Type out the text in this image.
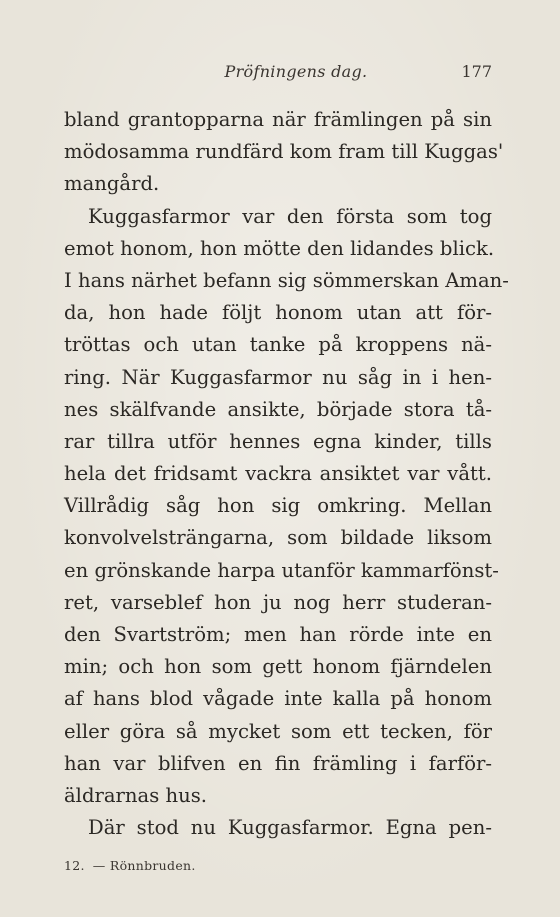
Pröfningens dag.	177
bland grantopparna när främlingen på sin
mödosamma rundfärd kom fram till Kuggas'
mangård.
Kuggasfarmor var den första som tog
emot honom, hon mötte den lidandes blick.
I hans närhet befann sig sömmerskan Aman-
da, hon hade följt honom utan att för-
tröttas och utan tanke på kroppens nä-
ring. När Kuggasfarmor nu såg in i hen-
nes skälfvande ansikte, började stora tå-
rar tillra utför hennes egna kinder, tills
hela det fridsamt vackra ansiktet var vått.
Villrådig såg hon sig omkring. Mellan
konvolvelsträngarna, som bildade liksom
en grönskande harpa utanför kammarfönst-
ret, varseblef hon ju nog herr studeran-
den Svartström; men han rörde inte en
min; och hon som gett honom fjärndelen
af hans blod vågade inte kalla på honom
eller göra så mycket som ett tecken, för
han var blifven en fin främling i farför-
äldrarnas hus.
Där stod nu Kuggasfarmor. Egna pen-
12. — Rönnbruden.
